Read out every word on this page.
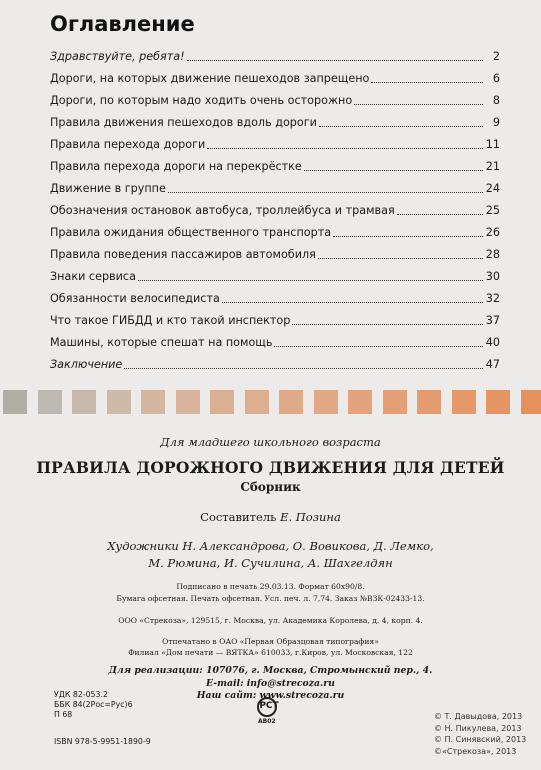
Оглавление
Здравствуйте, ребята!	2
Дороги, на которых движение пешеходов запрещено	6
Дороги, по которым надо ходить очень осторожно	8
Правила движения пешеходов вдоль дороги	9
Правила перехода дороги	11
Правила перехода дороги на перекрёстке	21
Движение в группе	24
Обозначения остановок автобуса, троллейбуса и трамвая	25
Правила ожидания общественного транспорта	26
Правила поведения пассажиров автомобиля	28
Знаки сервиса	30
Обязанности велосипедиста	32
Что такое ГИБДД и кто такой инспектор	37
Машины, которые спешат на помощь	40
Заключение	47
Для младшего школьного возраста
ПРАВИЛА ДОРОЖНОГО ДВИЖЕНИЯ ДЛЯ ДЕТЕЙ
Сборник
Составитель Е. Позина
Художники Н. Александрова, О. Вовикова, Д. Лемко,
М. Рюмина, И. Сучилина, А. Шахгелдян
Подписано в печать 29.03.13. Формат 60х90/8.
Бумага офсетная. Печать офсетная. Усл. печ. л. 7,74. Заказ №ВЗК-02433-13.
ООО «Стрекоза», 129515, г. Москва, ул. Академика Королева, д. 4, корп. 4.
Отпечатано в ОАО «Первая Образцовая типография»
Филиал «Дом печати — ВЯТКА» 610033, г.Киров, ул. Московская, 122
Для реализации: 107076, г. Москва, Стромынский пер., 4.
E-mail: info@strecoza.ru
Наш сайт: www.strecoza.ru
УДК 82-053.2
ББК 84(2Рос=Рус)6
П 68
ISBN 978-5-9951-1890-9
РСТ
АВ02
© Т. Давыдова, 2013
© Н. Пикулева, 2013
© П. Синявский, 2013
©«Стрекоза», 2013
